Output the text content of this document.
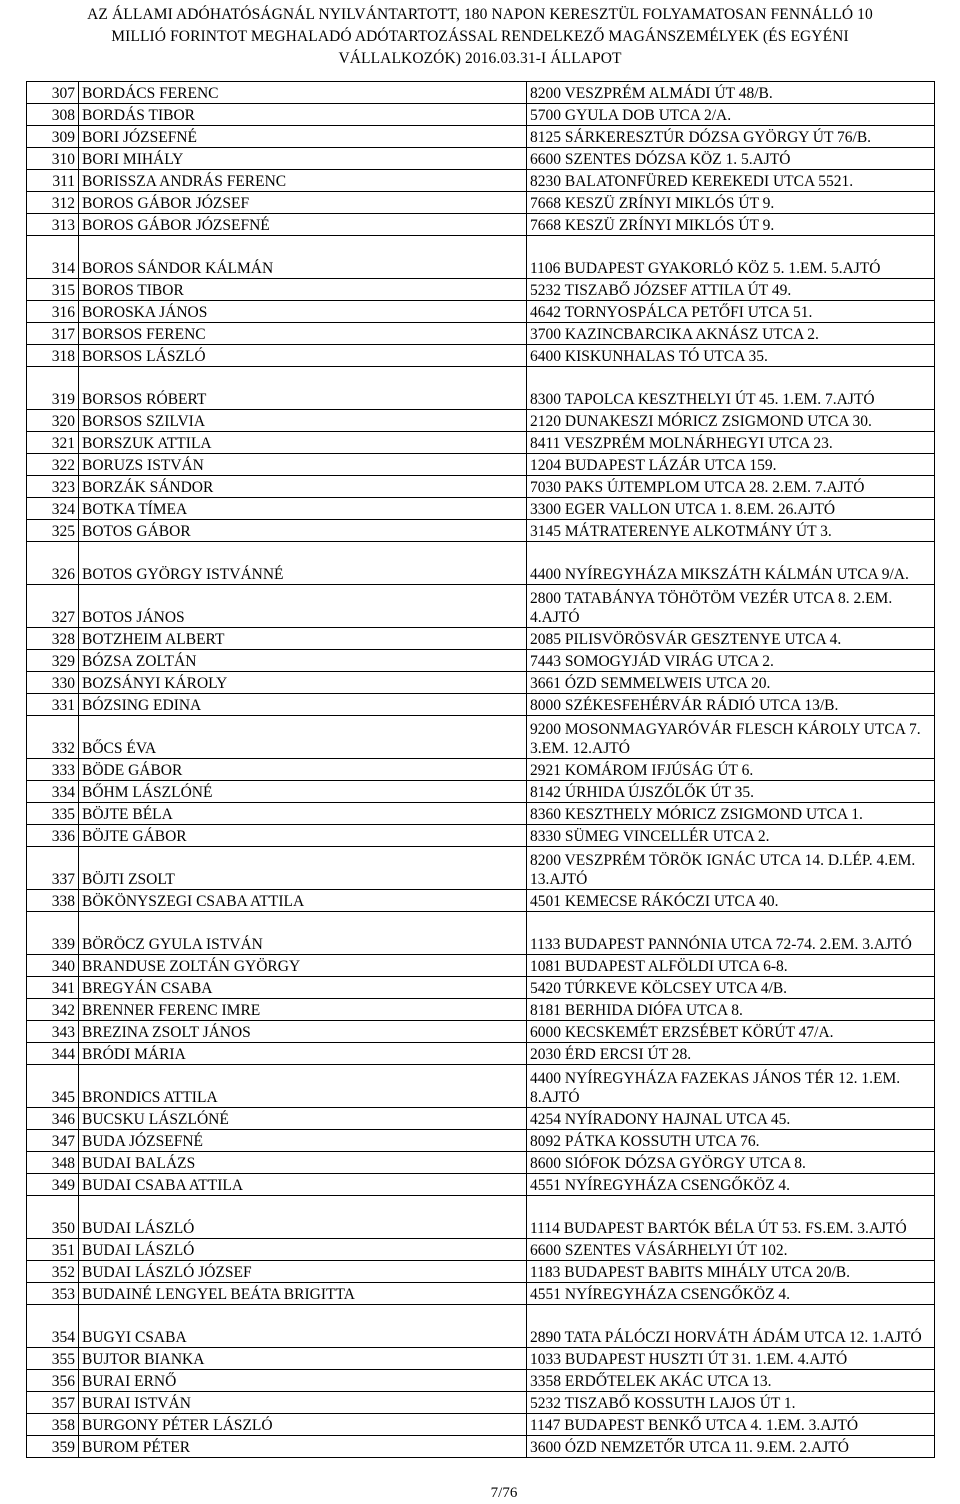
AZ ÁLLAMI ADÓHATÓSÁGNÁL NYILVÁNTARTOTT, 180 NAPON KERESZTÜL FOLYAMATOSAN FENNÁLLÓ 10
MILLIÓ FORINTOT MEGHALADÓ ADÓTARTOZÁSSAL RENDELKEZŐ MAGÁNSZEMÉLYEK (ÉS EGYÉNI
VÁLLALKOZÓK) 2016.03.31-I ÁLLAPOT
307	BORDÁCS FERENC	8200 VESZPRÉM ALMÁDI ÚT 48/B.
308	BORDÁS TIBOR	5700 GYULA DOB UTCA 2/A.
309	BORI JÓZSEFNÉ	8125 SÁRKERESZTÚR DÓZSA GYÖRGY ÚT 76/B.
310	BORI MIHÁLY	6600 SZENTES DÓZSA KÖZ 1. 5.AJTÓ
311	BORISSZA ANDRÁS FERENC	8230 BALATONFÜRED KEREKEDI UTCA 5521.
312	BOROS GÁBOR JÓZSEF	7668 KESZÜ ZRÍNYI MIKLÓS ÚT 9.
313	BOROS GÁBOR JÓZSEFNÉ	7668 KESZÜ ZRÍNYI MIKLÓS ÚT 9.
314	BOROS SÁNDOR KÁLMÁN	1106 BUDAPEST GYAKORLÓ KÖZ 5. 1.EM. 5.AJTÓ
315	BOROS TIBOR	5232 TISZABŐ JÓZSEF ATTILA ÚT 49.
316	BOROSKA JÁNOS	4642 TORNYOSPÁLCA PETŐFI UTCA 51.
317	BORSOS FERENC	3700 KAZINCBARCIKA AKNÁSZ UTCA 2.
318	BORSOS LÁSZLÓ	6400 KISKUNHALAS TÓ UTCA 35.
319	BORSOS RÓBERT	8300 TAPOLCA KESZTHELYI ÚT 45. 1.EM. 7.AJTÓ
320	BORSOS SZILVIA	2120 DUNAKESZI MÓRICZ ZSIGMOND UTCA 30.
321	BORSZUK ATTILA	8411 VESZPRÉM MOLNÁRHEGYI UTCA 23.
322	BORUZS ISTVÁN	1204 BUDAPEST LÁZÁR UTCA 159.
323	BORZÁK SÁNDOR	7030 PAKS ÚJTEMPLOM UTCA 28. 2.EM. 7.AJTÓ
324	BOTKA TÍMEA	3300 EGER VALLON UTCA 1. 8.EM. 26.AJTÓ
325	BOTOS GÁBOR	3145 MÁTRATERENYE ALKOTMÁNY ÚT 3.
326	BOTOS GYÖRGY ISTVÁNNÉ	4400 NYÍREGYHÁZA MIKSZÁTH KÁLMÁN UTCA 9/A.
327	BOTOS JÁNOS	2800 TATABÁNYA TÖHÖTÖM VEZÉR UTCA 8. 2.EM. 4.AJTÓ
328	BOTZHEIM ALBERT	2085 PILISVÖRÖSVÁR GESZTENYE UTCA 4.
329	BÓZSA ZOLTÁN	7443 SOMOGYJÁD VIRÁG UTCA 2.
330	BOZSÁNYI KÁROLY	3661 ÓZD SEMMELWEIS UTCA 20.
331	BÓZSING EDINA	8000 SZÉKESFEHÉRVÁR RÁDIÓ UTCA 13/B.
332	BŐCS ÉVA	9200 MOSONMAGYARÓVÁR FLESCH KÁROLY UTCA 7. 3.EM. 12.AJTÓ
333	BÖDE GÁBOR	2921 KOMÁROM IFJÚSÁG ÚT 6.
334	BŐHM LÁSZLÓNÉ	8142 ÚRHIDA ÚJSZŐLŐK ÚT 35.
335	BÖJTE BÉLA	8360 KESZTHELY MÓRICZ ZSIGMOND UTCA 1.
336	BÖJTE GÁBOR	8330 SÜMEG VINCELLÉR UTCA 2.
337	BÖJTI ZSOLT	8200 VESZPRÉM TÖRÖK IGNÁC UTCA 14. D.LÉP. 4.EM. 13.AJTÓ
338	BÖKÖNYSZEGI CSABA ATTILA	4501 KEMECSE RÁKÓCZI UTCA 40.
339	BÖRÖCZ GYULA ISTVÁN	1133 BUDAPEST PANNÓNIA UTCA 72-74. 2.EM. 3.AJTÓ
340	BRANDUSE ZOLTÁN GYÖRGY	1081 BUDAPEST ALFÖLDI UTCA 6-8.
341	BREGYÁN CSABA	5420 TÚRKEVE KÖLCSEY UTCA 4/B.
342	BRENNER FERENC IMRE	8181 BERHIDA DIÓFA UTCA 8.
343	BREZINA ZSOLT JÁNOS	6000 KECSKEMÉT ERZSÉBET KÖRÚT 47/A.
344	BRÓDI MÁRIA	2030 ÉRD ERCSI ÚT 28.
345	BRONDICS ATTILA	4400 NYÍREGYHÁZA FAZEKAS JÁNOS TÉR 12. 1.EM. 8.AJTÓ
346	BUCSKU LÁSZLÓNÉ	4254 NYÍRADONY HAJNAL UTCA 45.
347	BUDA JÓZSEFNÉ	8092 PÁTKA KOSSUTH UTCA 76.
348	BUDAI BALÁZS	8600 SIÓFOK DÓZSA GYÖRGY UTCA 8.
349	BUDAI CSABA ATTILA	4551 NYÍREGYHÁZA CSENGŐKÖZ 4.
350	BUDAI LÁSZLÓ	1114 BUDAPEST BARTÓK BÉLA ÚT 53. FS.EM. 3.AJTÓ
351	BUDAI LÁSZLÓ	6600 SZENTES VÁSÁRHELYI ÚT 102.
352	BUDAI LÁSZLÓ JÓZSEF	1183 BUDAPEST BABITS MIHÁLY UTCA 20/B.
353	BUDAINÉ LENGYEL BEÁTA BRIGITTA	4551 NYÍREGYHÁZA CSENGŐKÖZ 4.
354	BUGYI CSABA	2890 TATA PÁLÓCZI HORVÁTH ÁDÁM UTCA 12. 1.AJTÓ
355	BUJTOR BIANKA	1033 BUDAPEST HUSZTI ÚT 31. 1.EM. 4.AJTÓ
356	BURAI ERNŐ	3358 ERDŐTELEK AKÁC UTCA 13.
357	BURAI ISTVÁN	5232 TISZABŐ KOSSUTH LAJOS ÚT 1.
358	BURGONY PÉTER LÁSZLÓ	1147 BUDAPEST BENKŐ UTCA 4. 1.EM. 3.AJTÓ
359	BUROM PÉTER	3600 ÓZD NEMZETŐR UTCA 11. 9.EM. 2.AJTÓ
7/76
